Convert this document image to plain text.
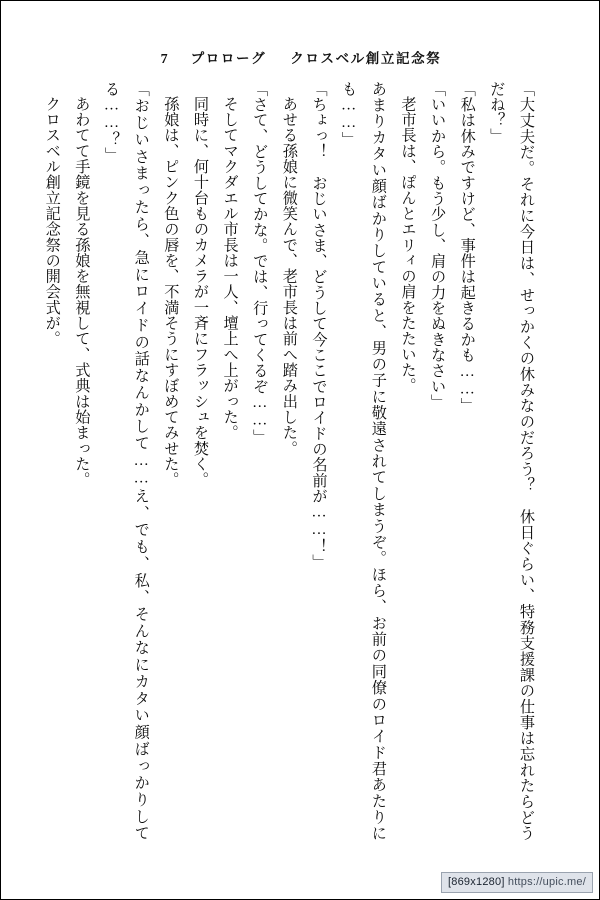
7 プロローグ クロスベル創立記念祭

「大丈夫だ。それに今日は、せっかくの休みなのだろう？　休日ぐらい、特務支援課の仕事は忘れたらどうだね？」

「私は休みですけど、事件は起きるかも……」

「いいから。もう少し、肩の力をぬきなさい」

老市長は、ぽんとエリィの肩をたたいた。

あまりカタい顔ばかりしていると、男の子に敬遠されてしまうぞ。ほら、お前の同僚のロイド君あたりにも……」

「ちょっ！　おじいさま、どうして今ここでロイドの名前が……！」

あせる孫娘に微笑んで、老市長は前へ踏み出した。

「さて、どうしてかな。では、行ってくるぞ……」

そしてマクダエル市長は一人、壇上へ上がった。

同時に、何十台ものカメラが一斉にフラッシュを焚く。

孫娘は、ピンク色の唇を、不満そうにすぼめてみせた。

「おじいさまったら、急にロイドの話なんかして……え、でも、私、そんなにカタい顔ばっかりしてる……？」

あわてて手鏡を見る孫娘を無視して、式典は始まった。

クロスベル創立記念祭の開会式が。

[869x1280] https://upic.me/
